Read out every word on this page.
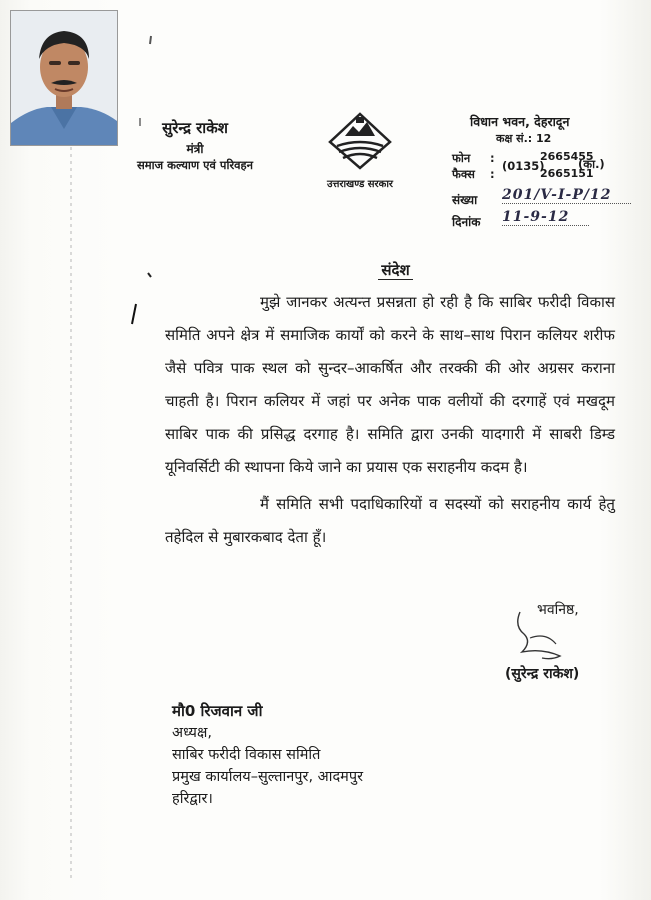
सुरेन्द्र राकेश
मंत्री
समाज कल्याण एवं परिवहन
उत्तराखण्ड सरकार
विधान भवन, देहरादून
कक्ष सं.: 12
फोन :
फैक्स :
(0135)
2665455
2665151
(का.)
संख्या 201/V-I-P/12
दिनांक 11-9-12
संदेश

मुझे जानकर अत्यन्त प्रसन्नता हो रही है कि साबिर फरीदी विकास समिति अपने क्षेत्र में समाजिक कार्यों को करने के साथ–साथ पिरान कलियर शरीफ जैसे पवित्र पाक स्थल को सुन्दर–आकर्षित और तरक्की की ओर अग्रसर कराना चाहती है। पिरान कलियर में जहां पर अनेक पाक वलीयों की दरगाहें एवं मखदूम साबिर पाक की प्रसिद्ध दरगाह है। समिति द्वारा उनकी यादगारी में साबरी डिम्ड यूनिवर्सिटी की स्थापना किये जाने का प्रयास एक सराहनीय कदम है।

मैं समिति सभी पदाधिकारियों व सदस्यों को सराहनीय कार्य हेतु तहेदिल से मुबारकबाद देता हूँ।

भवनिष्ठ,
(सुरेन्द्र राकेश)
मौ0 रिजवान जी
अध्यक्ष,
साबिर फरीदी विकास समिति
प्रमुख कार्यालय–सुल्तानपुर, आदमपुर
हरिद्वार।
